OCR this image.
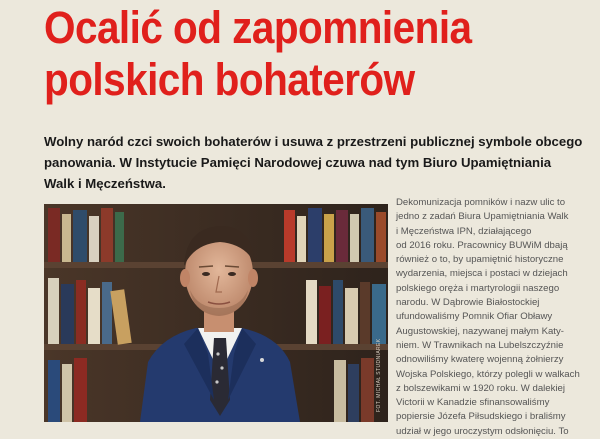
Ocalić od zapomnienia
polskich bohaterów

Wolny naród czci swoich bohaterów i usuwa z przestrzeni publicznej symbole obcego
panowania. W Instytucie Pamięci Narodowej czuwa nad tym Biuro Upamiętniania
Walk i Męczeństwa.

FOT. MICHAŁ STUDNIAREK

Dekomunizacja pomników i nazw ulic to
jedno z zadań Biura Upamiętniania Walk
i Męczeństwa IPN, działającego
od 2016 roku. Pracownicy BUWiM dbają
również o to, by upamiętnić historyczne
wydarzenia, miejsca i postaci w dziejach
polskiego oręża i martyrologii naszego
narodu. W Dąbrowie Białostockiej
ufundowaliśmy Pomnik Ofiar Obławy
Augustowskiej, nazywanej małym Katy-
niem. W Trawnikach na Lubelszczyźnie
odnowiliśmy kwaterę wojenną żołnierzy
Wojska Polskiego, którzy polegli w walkach
z bolszewikami w 1920 roku. W dalekiej
Victorii w Kanadzie sfinansowaliśmy
popiersie Józefa Piłsudskiego i braliśmy
udział w jego uroczystym odsłonięciu. To
